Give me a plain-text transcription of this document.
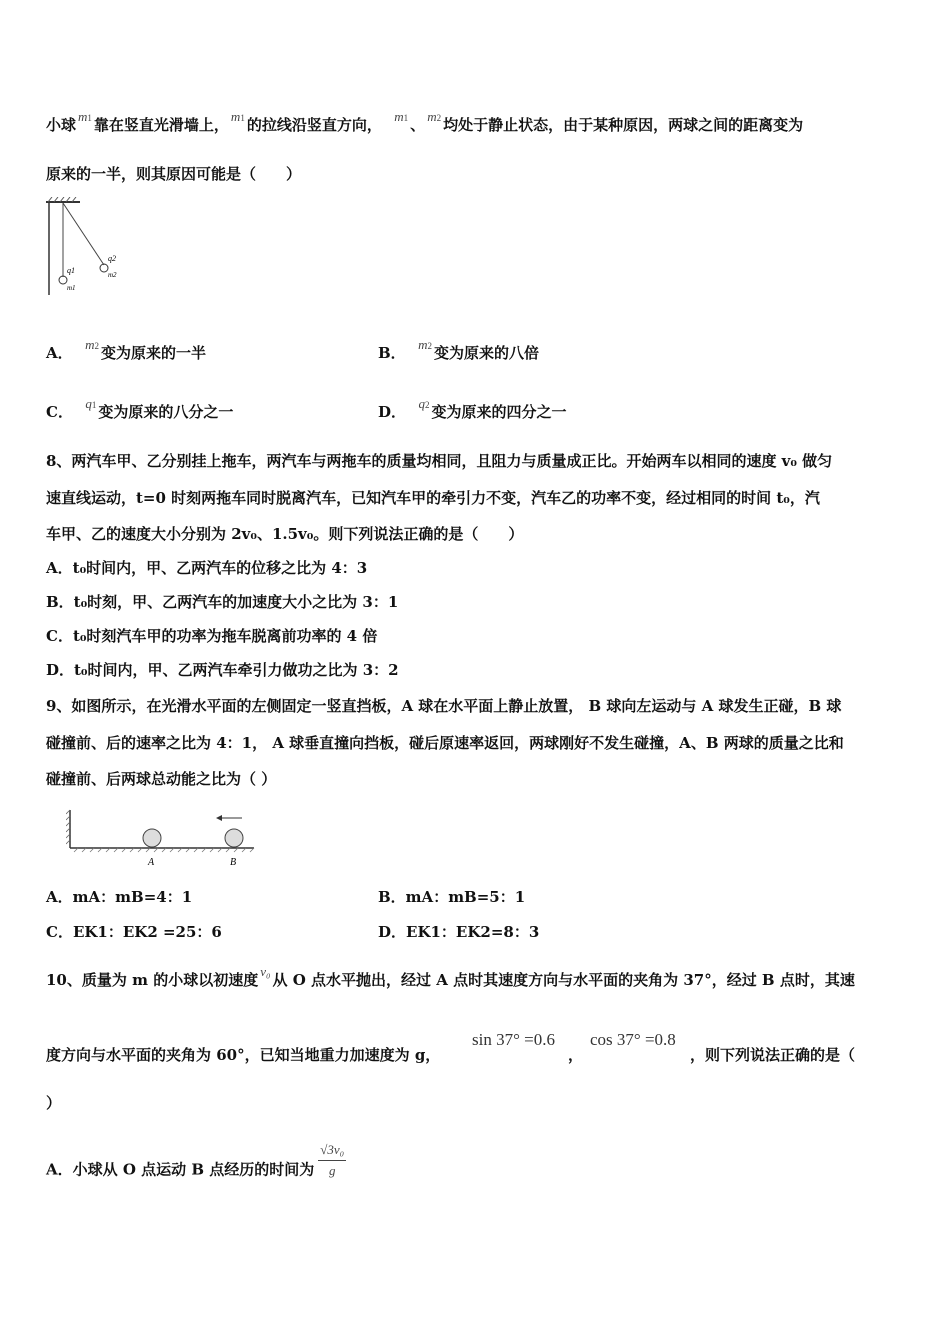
小球 m1 靠在竖直光滑墙上， m1 的拉线沿竖直方向， m1 、 m2 均处于静止状态，由于某种原因，两球之间的距离变为
原来的一半，则其原因可能是（　　）
q1
m1
q2
m2
A． m2 变为原来的一半	B． m2 变为原来的八倍
C． q1 变为原来的八分之一	D． q2 变为原来的四分之一
8、两汽车甲、乙分别挂上拖车，两汽车与两拖车的质量均相同，且阻力与质量成正比。开始两车以相同的速度 v₀ 做匀
速直线运动，t=0 时刻两拖车同时脱离汽车，已知汽车甲的牵引力不变，汽车乙的功率不变，经过相同的时间 t₀，汽
车甲、乙的速度大小分别为 2v₀、1.5v₀。则下列说法正确的是（　　）
A．t₀时间内，甲、乙两汽车的位移之比为 4：3
B．t₀时刻，甲、乙两汽车的加速度大小之比为 3：1
C．t₀时刻汽车甲的功率为拖车脱离前功率的 4 倍
D．t₀时间内，甲、乙两汽车牵引力做功之比为 3：2
9、如图所示，在光滑水平面的左侧固定一竖直挡板，A 球在水平面上静止放置， B 球向左运动与 A 球发生正碰，B 球
碰撞前、后的速率之比为 4：1， A 球垂直撞向挡板，碰后原速率返回，两球刚好不发生碰撞，A、B 两球的质量之比和
碰撞前、后两球总动能之比为（ ）
A	B
A．mA：mB=4：1	B．mA：mB=5：1
C．EK1：EK2 =25：6	D．EK1：EK2=8：3
10、质量为 m 的小球以初速度 v₀ 从 O 点水平抛出，经过 A 点时其速度方向与水平面的夹角为 37°，经过 B 点时，其速
度方向与水平面的夹角为 60°，已知当地重力加速度为 g，
sin 37° =0.6
，
cos 37° =0.8
，则下列说法正确的是（
）
A．小球从 O 点运动 B 点经历的时间为 $\frac{\text{√3v₀}}{g}$
